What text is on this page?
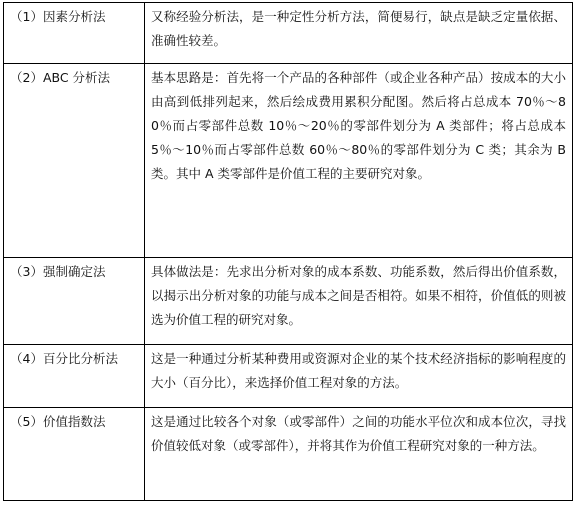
（1）因素分析法	又称经验分析法，是一种定性分析方法，简便易行，缺点是缺乏定量依据、准确性较差。
（2）ABC 分析法	基本思路是：首先将一个产品的各种部件（或企业各种产品）按成本的大小由高到低排列起来，然后绘成费用累积分配图。然后将占总成本 70％～80％而占零部件总数 10％～20％的零部件划分为 A 类部件；将占总成本 5％～10％而占零部件总数 60％～80％的零部件划分为 C 类；其余为 B 类。其中 A 类零部件是价值工程的主要研究对象。
（3）强制确定法	具体做法是：先求出分析对象的成本系数、功能系数，然后得出价值系数，以揭示出分析对象的功能与成本之间是否相符。如果不相符，价值低的则被选为价值工程的研究对象。
（4）百分比分析法	这是一种通过分析某种费用或资源对企业的某个技术经济指标的影响程度的大小（百分比），来选择价值工程对象的方法。
（5）价值指数法	这是通过比较各个对象（或零部件）之间的功能水平位次和成本位次，寻找价值较低对象（或零部件），并将其作为价值工程研究对象的一种方法。
